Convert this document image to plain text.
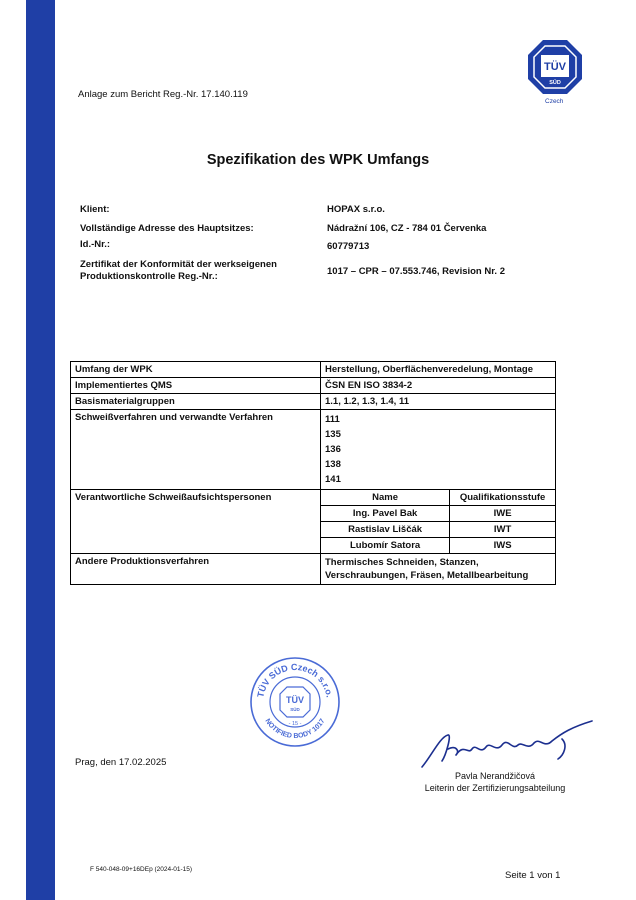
TÜV
SÜD
Czech
Anlage zum Bericht Reg.-Nr. 17.140.119
Spezifikation des WPK Umfangs
Klient:	HOPAX s.r.o.
Vollständige Adresse des Hauptsitzes:	Nádražní 106, CZ - 784 01 Červenka
Id.-Nr.:	60779713
Zertifikat der Konformität der werkseigenen Produktionskontrolle Reg.-Nr.:	1017 – CPR – 07.553.746, Revision Nr. 2
Umfang der WPK	Herstellung, Oberflächenveredelung, Montage
Implementiertes QMS	ČSN EN ISO 3834-2
Basismaterialgruppen	1.1, 1.2, 1.3, 1.4, 11
Schweißverfahren und verwandte Verfahren	111
135
136
138
141

Verantwortliche Schweißaufsichtspersonen		Name	Qualifikationsstufe
Ing. Pavel Bak	IWE
Rastislav Liščák	IWT
Lubomír Satora	IWS

Andere Produktionsverfahren	Thermisches Schneiden, Stanzen, Verschraubungen, Fräsen, Metallbearbeitung
TÜV SÜD Czech s.r.o.
NOTIFIED BODY 1017
TÜV
SÜD
- 15 -
Prag, den 17.02.2025
Pavla Nerandžičová
Leiterin der Zertifizierungsabteilung
F 540-048-09+16DEp (2024-01-15)
Seite 1 von 1
